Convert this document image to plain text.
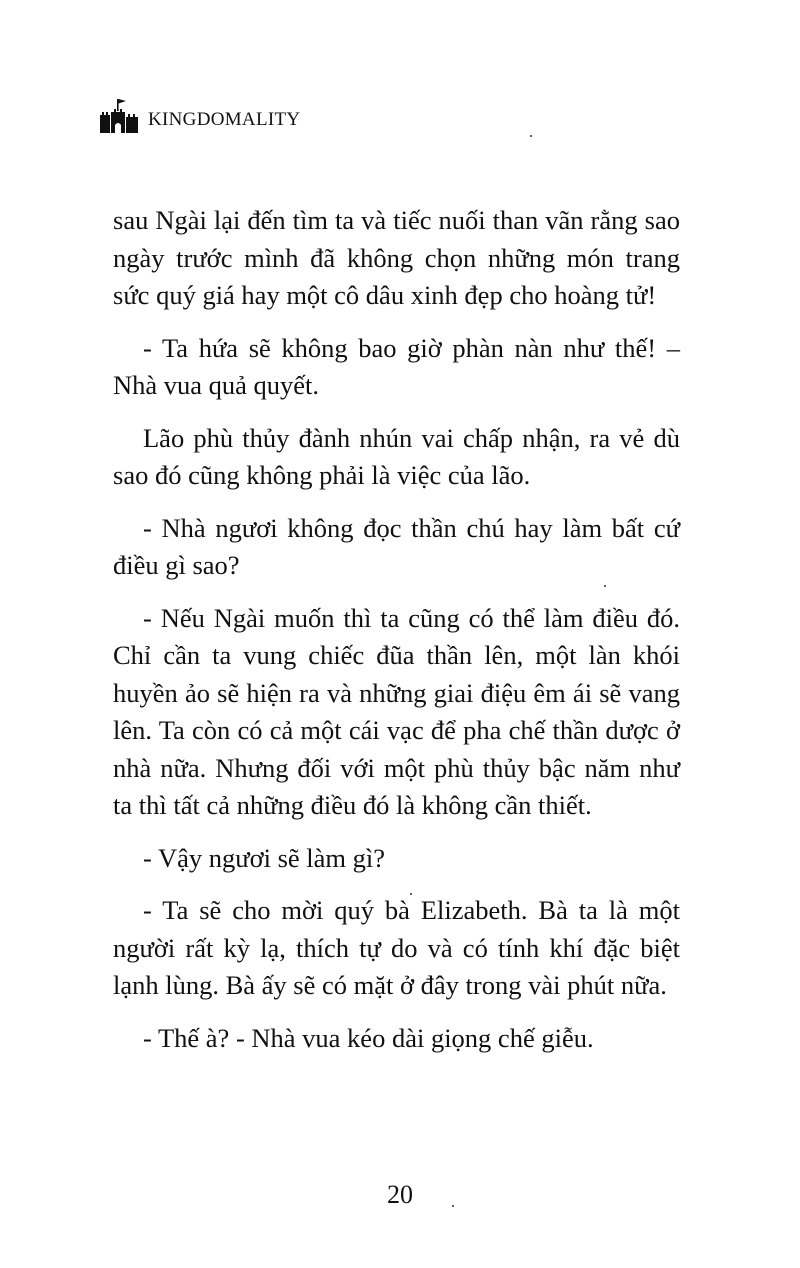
KINGDOMALITY

sau Ngài lại đến tìm ta và tiếc nuối than vãn rằng sao ngày trước mình đã không chọn những món trang sức quý giá hay một cô dâu xinh đẹp cho hoàng tử!

- Ta hứa sẽ không bao giờ phàn nàn như thế! – Nhà vua quả quyết.

Lão phù thủy đành nhún vai chấp nhận, ra vẻ dù sao đó cũng không phải là việc của lão.

- Nhà ngươi không đọc thần chú hay làm bất cứ điều gì sao?

- Nếu Ngài muốn thì ta cũng có thể làm điều đó. Chỉ cần ta vung chiếc đũa thần lên, một làn khói huyền ảo sẽ hiện ra và những giai điệu êm ái sẽ vang lên. Ta còn có cả một cái vạc để pha chế thần dược ở nhà nữa. Nhưng đối với một phù thủy bậc năm như ta thì tất cả những điều đó là không cần thiết.

- Vậy ngươi sẽ làm gì?

- Ta sẽ cho mời quý bà Elizabeth. Bà ta là một người rất kỳ lạ, thích tự do và có tính khí đặc biệt lạnh lùng. Bà ấy sẽ có mặt ở đây trong vài phút nữa.

- Thế à? - Nhà vua kéo dài giọng chế giễu.

20
